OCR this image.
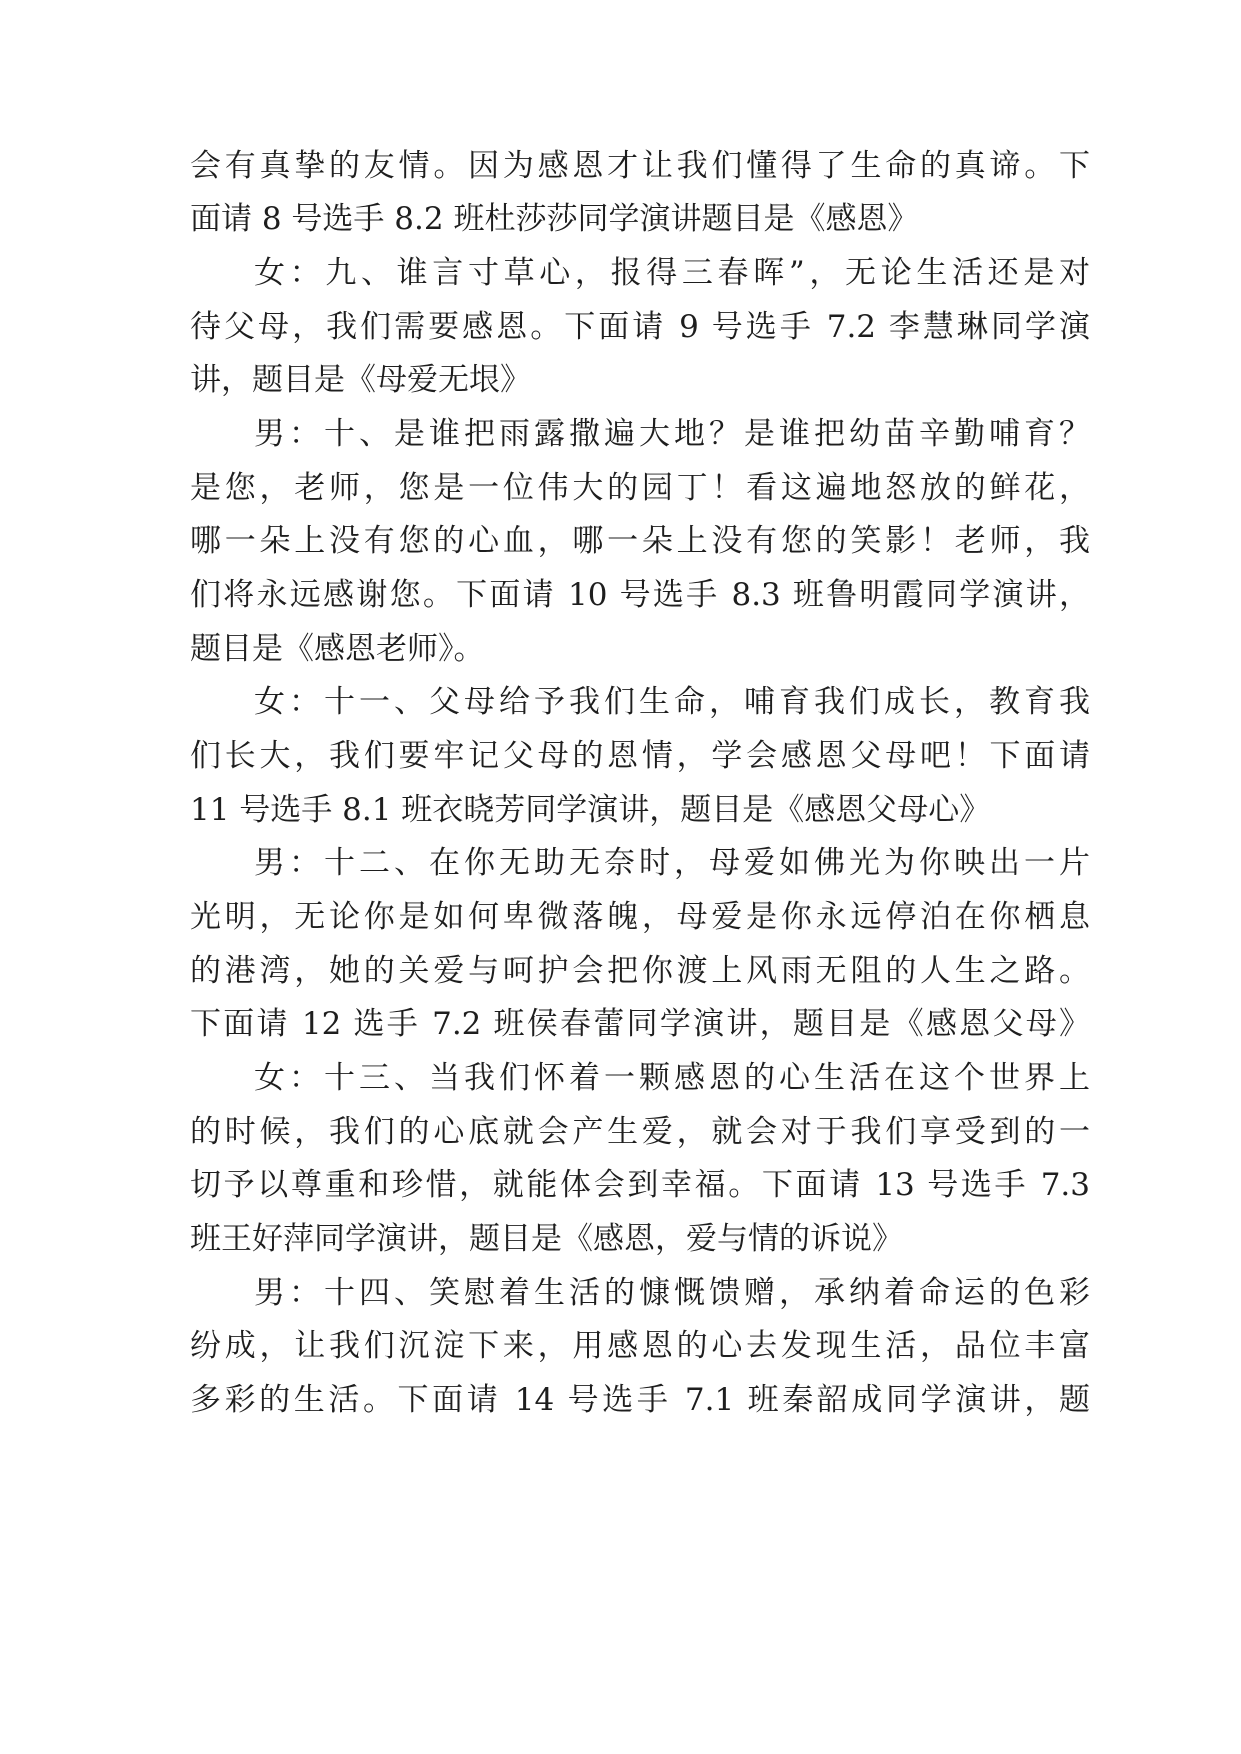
会有真挚的友情。因为感恩才让我们懂得了生命的真谛。下
面请 8 号选手 8.2 班杜莎莎同学演讲题目是《感恩》
女：九、谁言寸草心，报得三春晖”，无论生活还是对
待父母，我们需要感恩。下面请 9 号选手 7.2 李慧琳同学演
讲，题目是《母爱无垠》
男：十、是谁把雨露撒遍大地？是谁把幼苗辛勤哺育？
是您，老师，您是一位伟大的园丁！看这遍地怒放的鲜花，
哪一朵上没有您的心血，哪一朵上没有您的笑影！老师，我
们将永远感谢您。下面请 10 号选手 8.3 班鲁明霞同学演讲，
题目是《感恩老师》。
女：十一、父母给予我们生命，哺育我们成长，教育我
们长大，我们要牢记父母的恩情，学会感恩父母吧！下面请
11 号选手 8.1 班衣晓芳同学演讲，题目是《感恩父母心》
男：十二、在你无助无奈时，母爱如佛光为你映出一片
光明，无论你是如何卑微落魄，母爱是你永远停泊在你栖息
的港湾，她的关爱与呵护会把你渡上风雨无阻的人生之路。
下面请 12 选手 7.2 班侯春蕾同学演讲，题目是《感恩父母》
女：十三、当我们怀着一颗感恩的心生活在这个世界上
的时候，我们的心底就会产生爱，就会对于我们享受到的一
切予以尊重和珍惜，就能体会到幸福。下面请 13 号选手 7.3
班王好萍同学演讲，题目是《感恩，爱与情的诉说》
男：十四、笑慰着生活的慷慨馈赠，承纳着命运的色彩
纷成，让我们沉淀下来，用感恩的心去发现生活，品位丰富
多彩的生活。下面请 14 号选手 7.1 班秦韶成同学演讲，题
